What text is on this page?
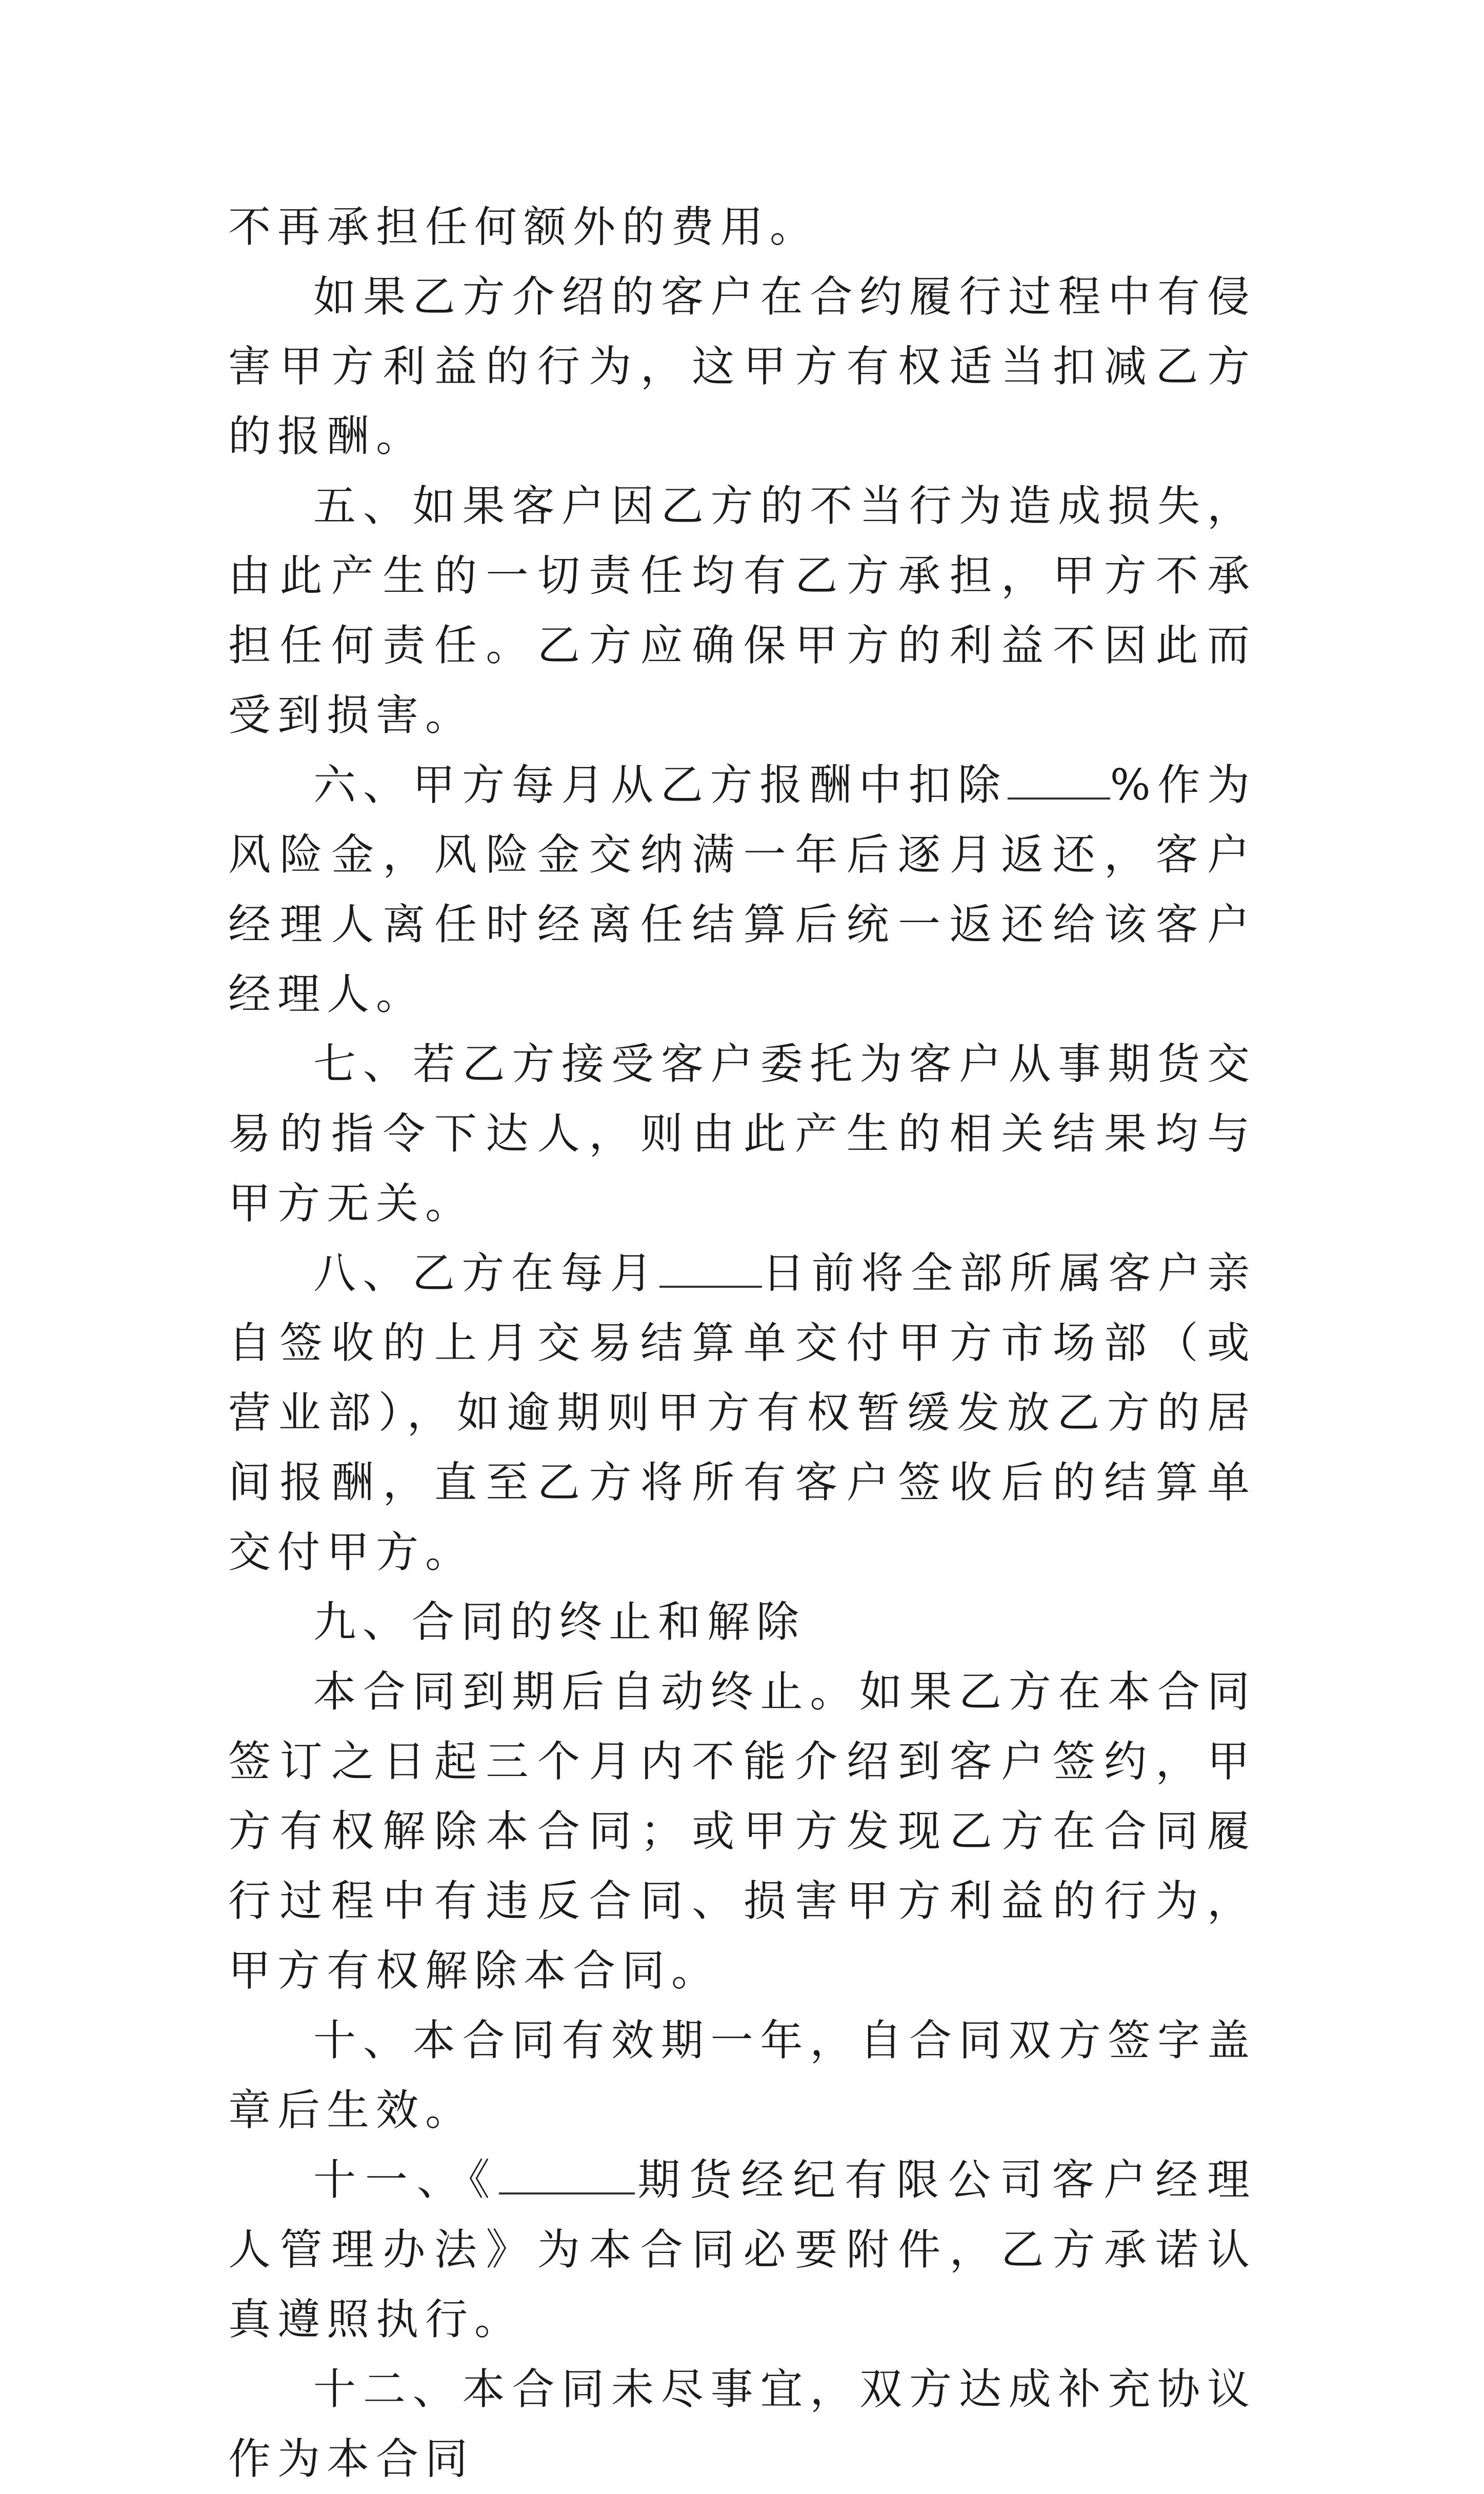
不再承担任何额外的费用。

如果乙方介绍的客户在合约履行过程中有侵害甲方利益的行为，这甲方有权适当扣减乙方的报酬。

五、如果客户因乙方的不当行为造成损失，由此产生的一切责任均有乙方承担，甲方不承担任何责任。乙方应确保甲方的利益不因此而受到损害。

六、甲方每月从乙方报酬中扣除 %作为风险金，风险金交纳满一年后逐月返还，客户经理人离任时经离任结算后统一返还给该客户经理人。

七、若乙方接受客户委托为客户从事期货交易的指令下达人，则由此产生的相关结果均与甲方无关。

八、乙方在每月 日前将全部所属客户亲自签收的上月交易结算单交付甲方市场部（或营业部），如逾期则甲方有权暂缓发放乙方的居间报酬，直至乙方将所有客户签收后的结算单交付甲方。

九、合同的终止和解除

本合同到期后自动终止。如果乙方在本合同签订之日起三个月内不能介绍到客户签约，甲方有权解除本合同；或甲方发现乙方在合同履行过程中有违反合同、损害甲方利益的行为，甲方有权解除本合同。

十、本合同有效期一年，自合同双方签字盖章后生效。

十一、《	期货经纪有限公司客户经理人管理办法》为本合同必要附件，乙方承诺认真遵照执行。

十二、本合同未尽事宜，双方达成补充协议作为本合同
